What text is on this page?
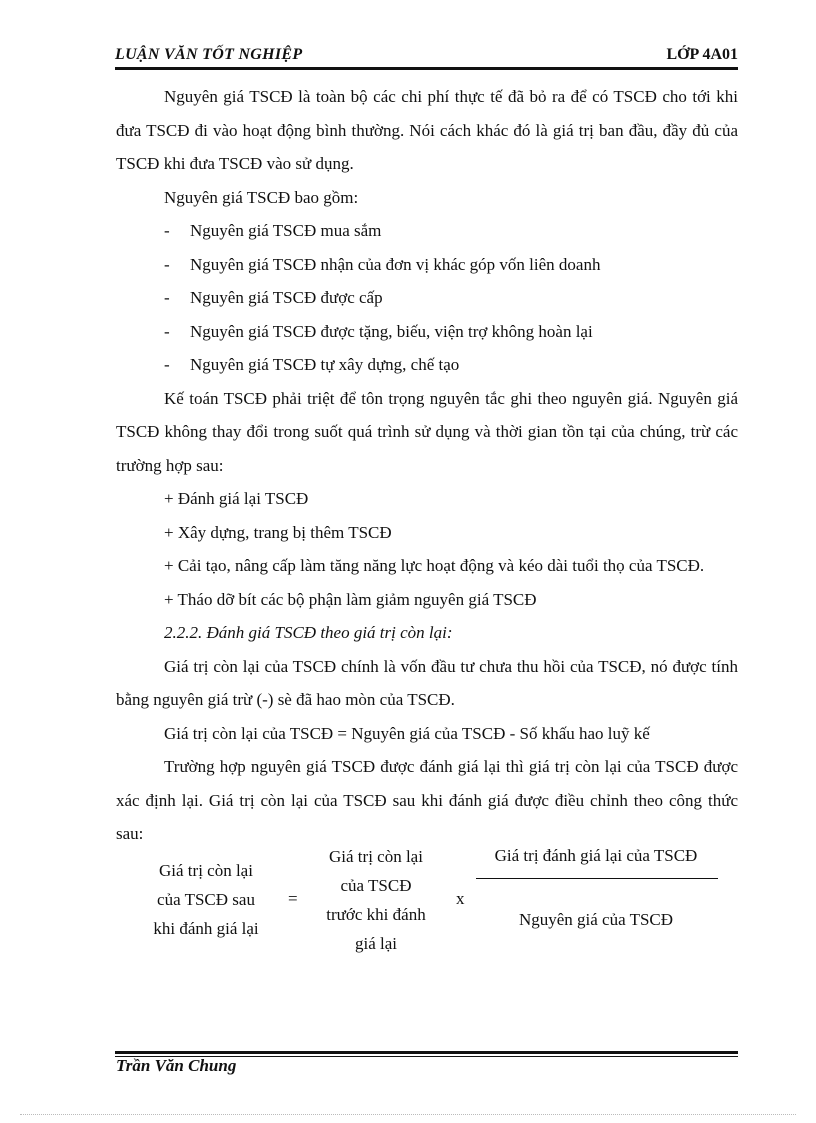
LUẬN VĂN TỐT NGHIỆP	LỚP 4A01

Nguyên giá TSCĐ là toàn bộ các chi phí thực tế đã bỏ ra để có TSCĐ cho tới khi đưa TSCĐ đi vào hoạt động bình thường. Nói cách khác đó là giá trị ban đầu, đầy đủ của TSCĐ khi đưa TSCĐ vào sử dụng.

Nguyên giá TSCĐ bao gồm:

-	Nguyên giá TSCĐ mua sắm
-	Nguyên giá TSCĐ nhận của đơn vị khác góp vốn liên doanh
-	Nguyên giá TSCĐ được cấp
-	Nguyên giá TSCĐ được tặng, biếu, viện trợ không hoàn lại
-	Nguyên giá TSCĐ tự xây dựng, chế tạo

Kế toán TSCĐ phải triệt để tôn trọng nguyên tắc ghi theo nguyên giá. Nguyên giá TSCĐ không thay đổi trong suốt quá trình sử dụng và thời gian tồn tại của chúng, trừ các trường hợp sau:

+ Đánh giá lại TSCĐ

+ Xây dựng, trang bị thêm TSCĐ

+ Cải tạo, nâng cấp làm tăng năng lực hoạt động và kéo dài tuổi thọ của TSCĐ.

+ Tháo dỡ bít các bộ phận làm giảm nguyên giá TSCĐ

2.2.2. Đánh giá TSCĐ theo giá trị còn lại:

Giá trị còn lại của TSCĐ chính là vốn đầu tư chưa thu hồi của TSCĐ, nó được tính bằng nguyên giá trừ (-) sè đã hao mòn của TSCĐ.

Giá trị còn lại của TSCĐ = Nguyên giá của TSCĐ - Số khấu hao luỹ kế

Trường hợp nguyên giá TSCĐ được đánh giá lại thì giá trị còn lại của TSCĐ được xác định lại. Giá trị còn lại của TSCĐ sau khi đánh giá được điều chỉnh theo công thức sau:

Giá trị còn lại
của TSCĐ sau
khi đánh giá lại
=
Giá trị còn lại
của TSCĐ
trước khi đánh
giá lại
x
Giá trị đánh giá lại của TSCĐ
Nguyên giá của TSCĐ
Trần Văn Chung
